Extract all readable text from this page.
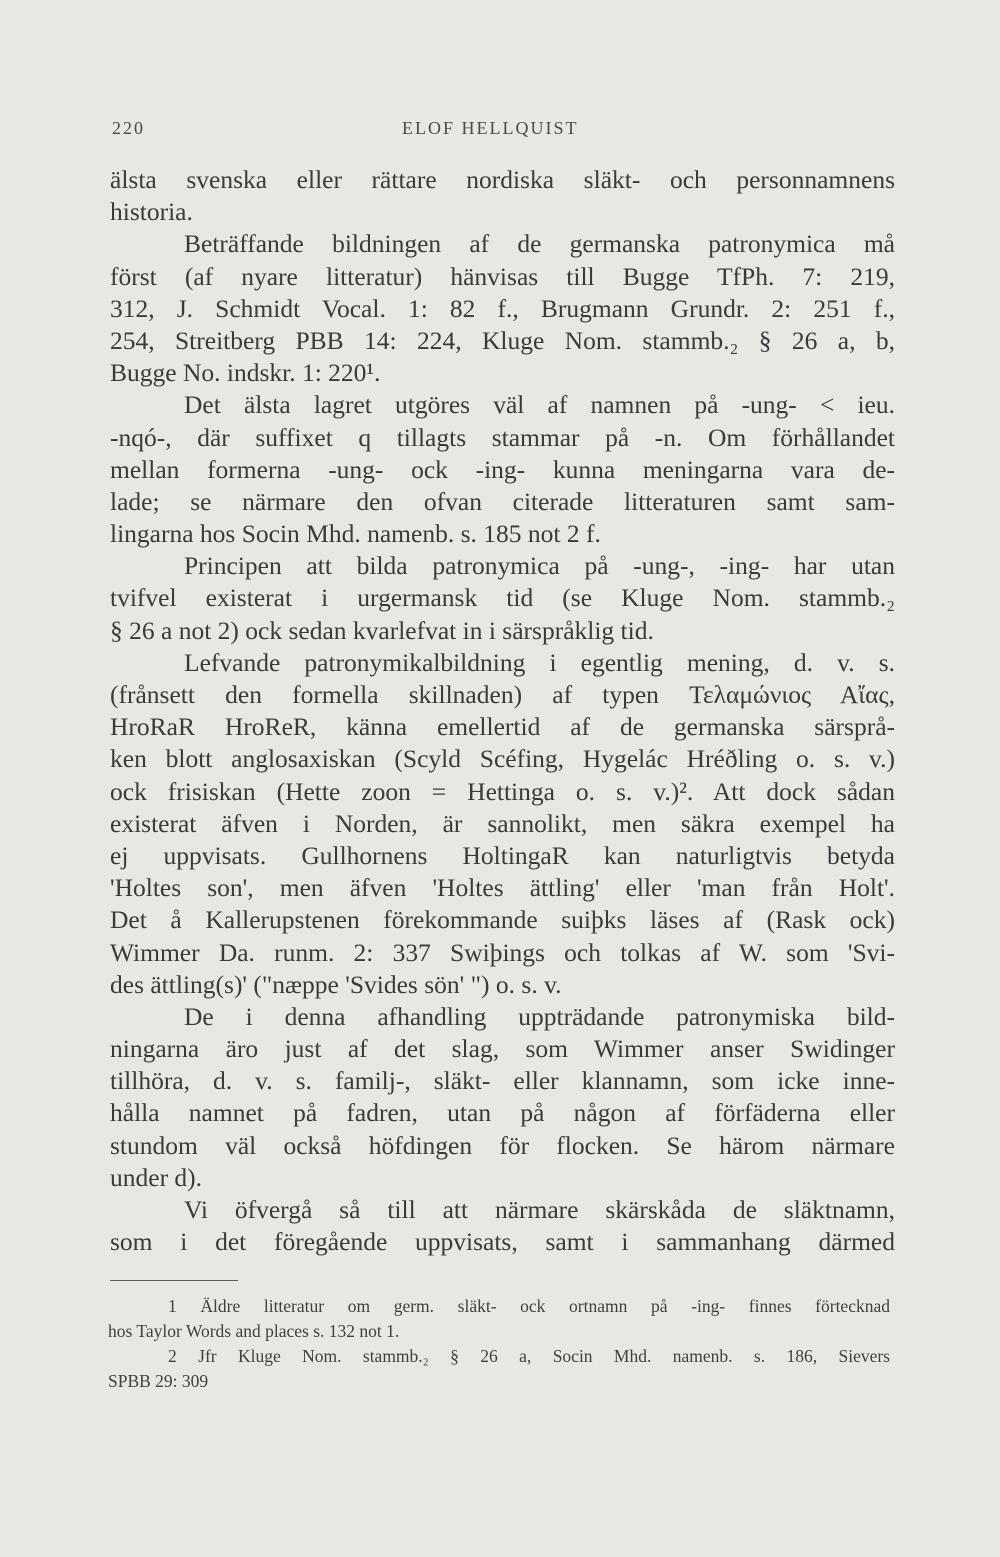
220	ELOF HELLQUIST
älsta svenska eller rättare nordiska släkt- och personnamnens
historia.
Beträffande bildningen af de germanska patronymica må
först (af nyare litteratur) hänvisas till Bugge TfPh. 7: 219,
312, J. Schmidt Vocal. 1: 82 f., Brugmann Grundr. 2: 251 f.,
254, Streitberg PBB 14: 224, Kluge Nom. stammb.₂ § 26 a, b,
Bugge No. indskr. 1: 220¹.
Det älsta lagret utgöres väl af namnen på -ung- < ieu.
-nqó-, där suffixet q tillagts stammar på -n. Om förhållandet
mellan formerna -ung- ock -ing- kunna meningarna vara de-
lade; se närmare den ofvan citerade litteraturen samt sam-
lingarna hos Socin Mhd. namenb. s. 185 not 2 f.
Principen att bilda patronymica på -ung-, -ing- har utan
tvifvel existerat i urgermansk tid (se Kluge Nom. stammb.₂
§ 26 a not 2) ock sedan kvarlefvat in i särspråklig tid.
Lefvande patronymikalbildning i egentlig mening, d. v. s.
(frånsett den formella skillnaden) af typen Τελαμώνιος Αἴας,
HroRaR HroReR, känna emellertid af de germanska särsprå-
ken blott anglosaxiskan (Scyld Scéfing, Hygelác Hréðling o. s. v.)
ock frisiskan (Hette zoon = Hettinga o. s. v.)². Att dock sådan
existerat äfven i Norden, är sannolikt, men säkra exempel ha
ej uppvisats. Gullhornens HoltingaR kan naturligtvis betyda
'Holtes son', men äfven 'Holtes ättling' eller 'man från Holt'.
Det å Kallerupstenen förekommande suiþks läses af (Rask ock)
Wimmer Da. runm. 2: 337 Swiþings och tolkas af W. som 'Svi-
des ättling(s)' ("næppe 'Svides sön' ") o. s. v.
De i denna afhandling uppträdande patronymiska bild-
ningarna äro just af det slag, som Wimmer anser Swidinger
tillhöra, d. v. s. familj-, släkt- eller klannamn, som icke inne-
hålla namnet på fadren, utan på någon af förfäderna eller
stundom väl också höfdingen för flocken. Se härom närmare
under d).
Vi öfvergå så till att närmare skärskåda de släktnamn,
som i det föregående uppvisats, samt i sammanhang därmed
1 Äldre litteratur om germ. släkt- ock ortnamn på -ing- finnes förtecknad
hos Taylor Words and places s. 132 not 1.
2 Jfr Kluge Nom. stammb.₂ § 26 a, Socin Mhd. namenb. s. 186, Sievers
SPBB 29: 309
